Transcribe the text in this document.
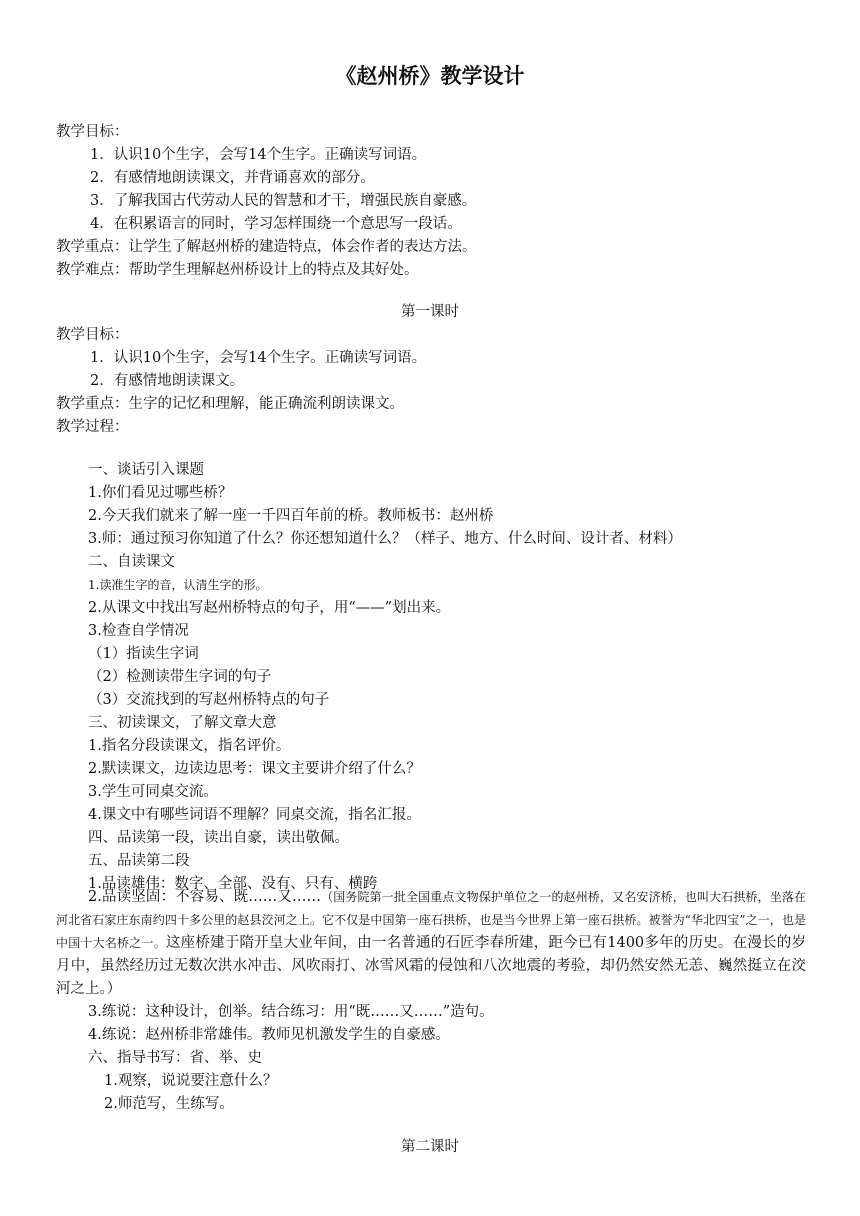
《赵州桥》教学设计
教学目标：
1．认识10个生字，会写14个生字。正确读写词语。
2．有感情地朗读课文，并背诵喜欢的部分。
3．了解我国古代劳动人民的智慧和才干，增强民族自豪感。
4．在积累语言的同时，学习怎样围绕一个意思写一段话。
教学重点：让学生了解赵州桥的建造特点，体会作者的表达方法。
教学难点：帮助学生理解赵州桥设计上的特点及其好处。
第一课时
教学目标：
1．认识10个生字，会写14个生字。正确读写词语。
2．有感情地朗读课文。
教学重点：生字的记忆和理解，能正确流利朗读课文。
教学过程：
一、谈话引入课题
1.你们看见过哪些桥？
2.今天我们就来了解一座一千四百年前的桥。教师板书：赵州桥
3.师：通过预习你知道了什么？你还想知道什么？（样子、地方、什么时间、设计者、材料）
二、自读课文
1.读准生字的音，认清生字的形。
2.从课文中找出写赵州桥特点的句子，用“——”划出来。
3.检查自学情况
（1）指读生字词
（2）检测读带生字词的句子
（3）交流找到的写赵州桥特点的句子
三、初读课文，了解文章大意
1.指名分段读课文，指名评价。
2.默读课文，边读边思考：课文主要讲介绍了什么？
3.学生可同桌交流。
4.课文中有哪些词语不理解？同桌交流，指名汇报。
四、品读第一段，读出自豪，读出敬佩。
五、品读第二段
1.品读雄伟：数字、全部、没有、只有、横跨
2.品读坚固：不容易、既……又……（国务院第一批全国重点文物保护单位之一的赵州桥，又名安济桥，也叫大石拱桥，坐落在河北省石家庄东南约四十多公里的赵县洨河之上。它不仅是中国第一座石拱桥，也是当今世界上第一座石拱桥。被誉为“华北四宝”之一，也是中国十大名桥之一。这座桥建于隋开皇大业年间，由一名普通的石匠李春所建，距今已有1400多年的历史。在漫长的岁月中，虽然经历过无数次洪水冲击、风吹雨打、冰雪风霜的侵蚀和八次地震的考验，却仍然安然无恙、巍然挺立在洨河之上。）
3.练说：这种设计，创举。结合练习：用“既……又……”造句。
4.练说：赵州桥非常雄伟。教师见机激发学生的自豪感。
六、指导书写：省、举、史
1.观察，说说要注意什么？
2.师范写，生练写。
第二课时
